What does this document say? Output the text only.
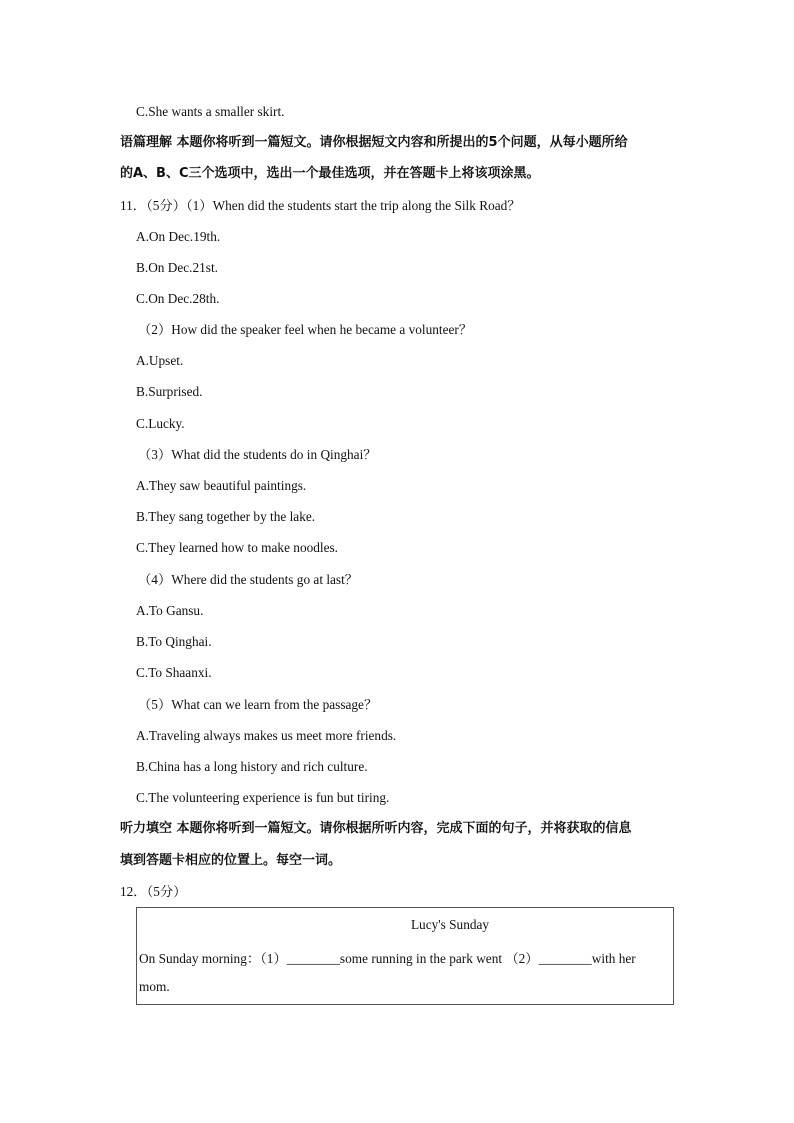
C.She wants a smaller skirt.
语篇理解 本题你将听到一篇短文。请你根据短文内容和所提出的5个问题，从每小题所给
的A、B、C三个选项中，选出一个最佳选项，并在答题卡上将该项涂黑。
11．（5分）（1）When did the students start the trip along the Silk Road？
A.On Dec.19th.
B.On Dec.21st.
C.On Dec.28th.
（2）How did the speaker feel when he became a volunteer？
A.Upset.
B.Surprised.
C.Lucky.
（3）What did the students do in Qinghai？
A.They saw beautiful paintings.
B.They sang together by the lake.
C.They learned how to make noodles.
（4）Where did the students go at last？
A.To Gansu.
B.To Qinghai.
C.To Shaanxi.
（5）What can we learn from the passage？
A.Traveling always makes us meet more friends.
B.China has a long history and rich culture.
C.The volunteering experience is fun but tiring.
听力填空 本题你将听到一篇短文。请你根据所听内容，完成下面的句子，并将获取的信息
填到答题卡相应的位置上。每空一词。
12．（5分）
Lucy's Sunday
On Sunday morning：（1）________some running in the park went （2）________with her
mom.
